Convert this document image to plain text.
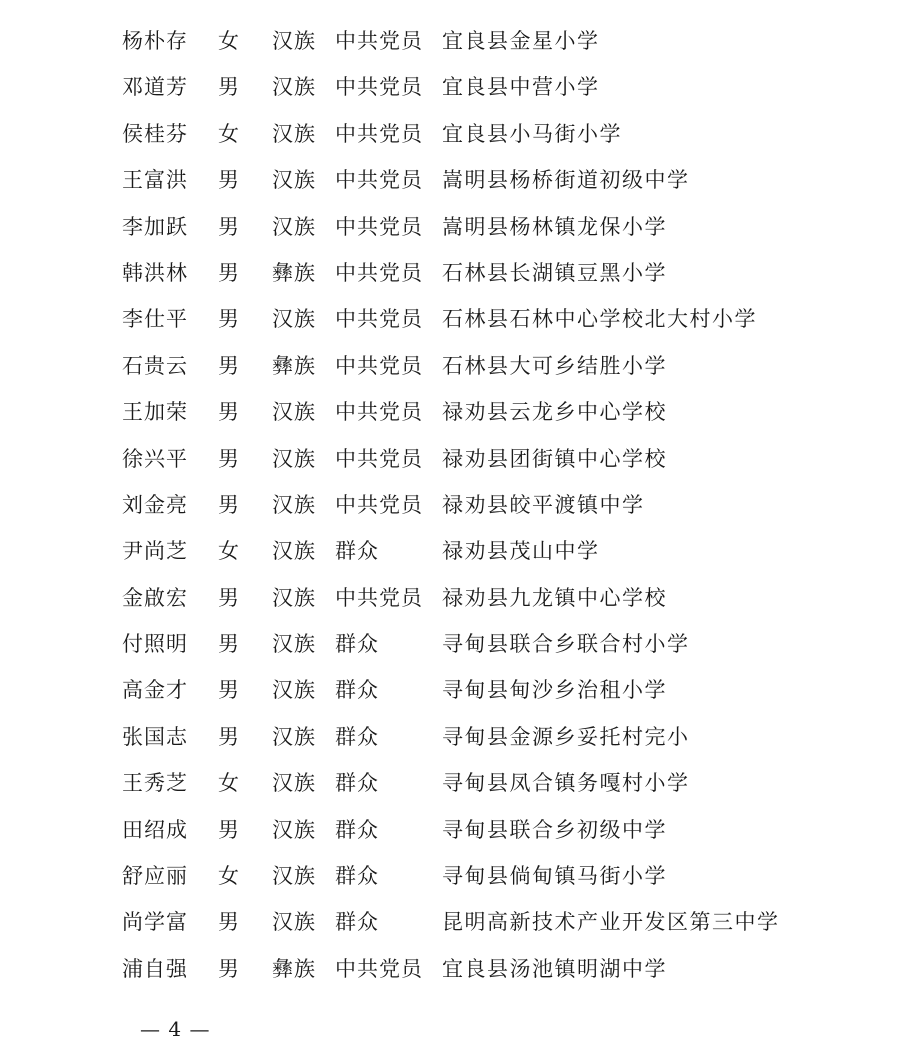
杨朴存 女 汉族 中共党员 宜良县金星小学
邓道芳 男 汉族 中共党员 宜良县中营小学
侯桂芬 女 汉族 中共党员 宜良县小马街小学
王富洪 男 汉族 中共党员 嵩明县杨桥街道初级中学
李加跃 男 汉族 中共党员 嵩明县杨林镇龙保小学
韩洪林 男 彝族 中共党员 石林县长湖镇豆黑小学
李仕平 男 汉族 中共党员 石林县石林中心学校北大村小学
石贵云 男 彝族 中共党员 石林县大可乡结胜小学
王加荣 男 汉族 中共党员 禄劝县云龙乡中心学校
徐兴平 男 汉族 中共党员 禄劝县团街镇中心学校
刘金亮 男 汉族 中共党员 禄劝县皎平渡镇中学
尹尚芝 女 汉族 群众	禄劝县茂山中学
金啟宏 男 汉族 中共党员 禄劝县九龙镇中心学校
付照明 男 汉族 群众	寻甸县联合乡联合村小学
高金才 男 汉族 群众	寻甸县甸沙乡治租小学
张国志 男 汉族 群众	寻甸县金源乡妥托村完小
王秀芝 女 汉族 群众	寻甸县凤合镇务嘎村小学
田绍成 男 汉族 群众	寻甸县联合乡初级中学
舒应丽 女 汉族 群众	寻甸县倘甸镇马街小学
尚学富 男 汉族 群众	昆明高新技术产业开发区第三中学
浦自强 男 彝族 中共党员 宜良县汤池镇明湖中学
— 4 —
